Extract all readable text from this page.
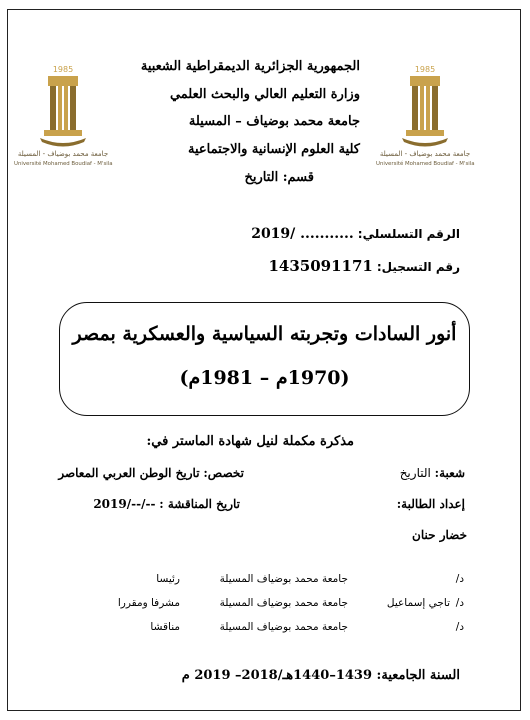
1985
جامعة محمد بوضياف - المسيلة
Université Mohamed Boudiaf - M'sila
1985
جامعة محمد بوضياف - المسيلة
Université Mohamed Boudiaf - M'sila
الجمهورية الجزائرية الديمقراطية الشعبية
وزارة التعليم العالي والبحث العلمي
جامعة محمد بوضياف – المسيلة
كلية العلوم الإنسانية والاجتماعية
قسم: التاريخ
الرقم التسلسلي:........... /2019
رقم التسجيل:1435091171
أنور السادات وتجربته السياسية والعسكرية بمصر
(1970م – 1981م)
مذكرة مكملة لنيل شهادة الماستر في:
شعبة: التاريخ
تخصص: تاريخ الوطن العربي المعاصر
إعداد الطالبة:
تاريخ المناقشة : --/--/2019
خضار حنان
د/
جامعة محمد بوضياف المسيلة
رئيسا
د/
تاجي إسماعيل
جامعة محمد بوضياف المسيلة
مشرفا ومقررا
د/
جامعة محمد بوضياف المسيلة
مناقشا
السنة الجامعية: 1439–1440هـ/2018– 2019 م
